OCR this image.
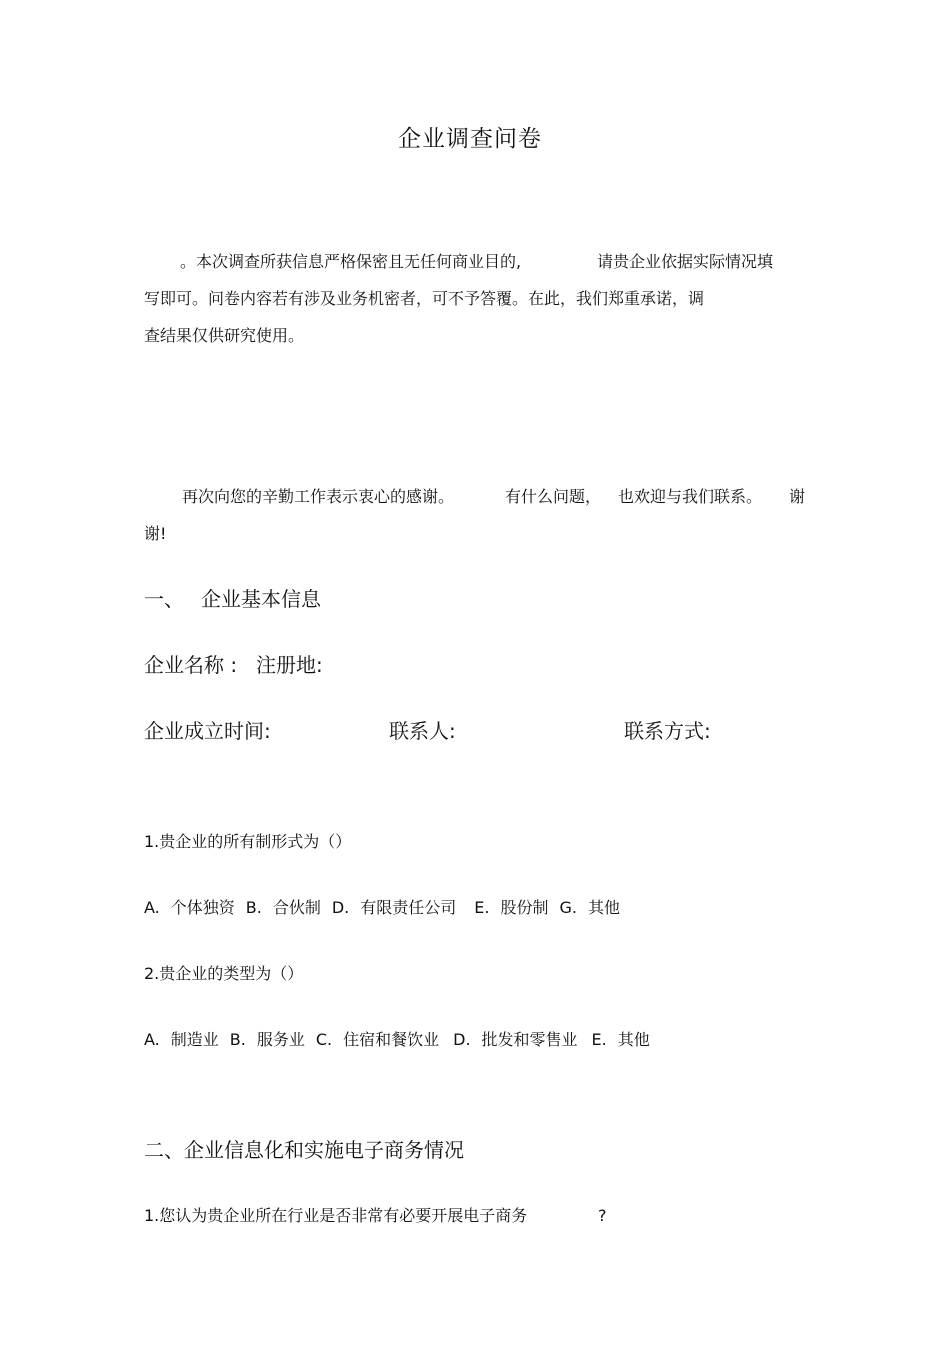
企业调查问卷
。本次调查所获信息严格保密且无任何商业目的,	请贵企业依据实际情况填
写即可。问卷内容若有涉及业务机密者，可不予答覆。在此，我们郑重承诺，调
查结果仅供研究使用。
再次向您的辛勤工作表示衷心的感谢。	有什么问题， 也欢迎与我们联系。 谢
谢!
一、 企业基本信息
企业名称 : 注册地:
企业成立时间:	联系人:	联系方式:
1.贵企业的所有制形式为（）
A. 个体独资 B. 合伙制 D. 有限责任公司 E. 股份制 G. 其他
2.贵企业的类型为（）
A. 制造业 B. 服务业 C. 住宿和餐饮业 D. 批发和零售业 E. 其他
二、企业信息化和实施电子商务情况
1.您认为贵企业所在行业是否非常有必要开展电子商务	?
